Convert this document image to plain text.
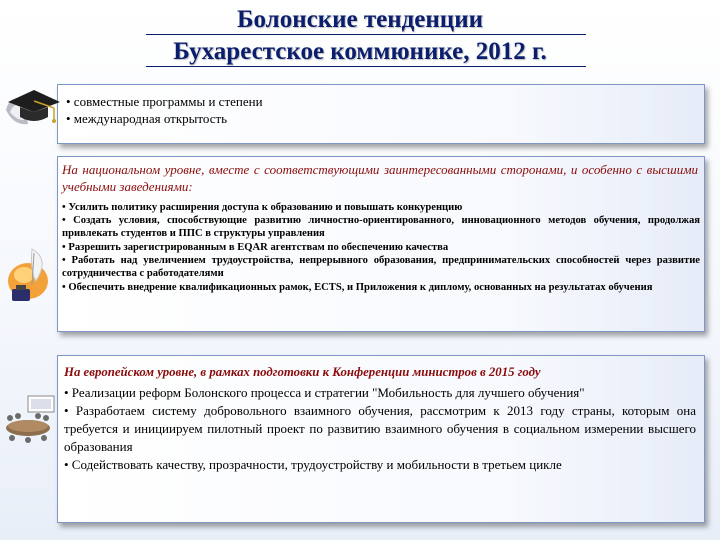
Болонские тенденции
Бухарестское коммюнике, 2012 г.
• совместные программы и степени
• международная открытость
На национальном уровне, вместе с соответствующими заинтересованными сторонами, и особенно с высшими учебными заведениями:
• Усилить политику расширения доступа к образованию и повышать конкуренцию
• Создать условия, способствующие развитию личностно-ориентированного, инновационного методов обучения, продолжая привлекать студентов и ППС в структуры управления
• Разрешить зарегистрированным в EQAR агентствам по обеспечению качества
• Работать над увеличением трудоустройства, непрерывного образования, предпринимательских способностей через развитие сотрудничества с работодателями
• Обеспечить внедрение квалификационных рамок, ECTS, и Приложения к диплому, основанных на результатах обучения
На европейском уровне, в рамках подготовки к Конференции министров в 2015 году
• Реализации реформ Болонского процесса и стратегии "Мобильность для лучшего обучения"
• Разработаем систему добровольного взаимного обучения, рассмотрим к 2013 году страны, которым она требуется и инициируем пилотный проект по развитию взаимного обучения в социальном измерении высшего образования
• Содействовать качеству, прозрачности, трудоустройству и мобильности в третьем цикле
